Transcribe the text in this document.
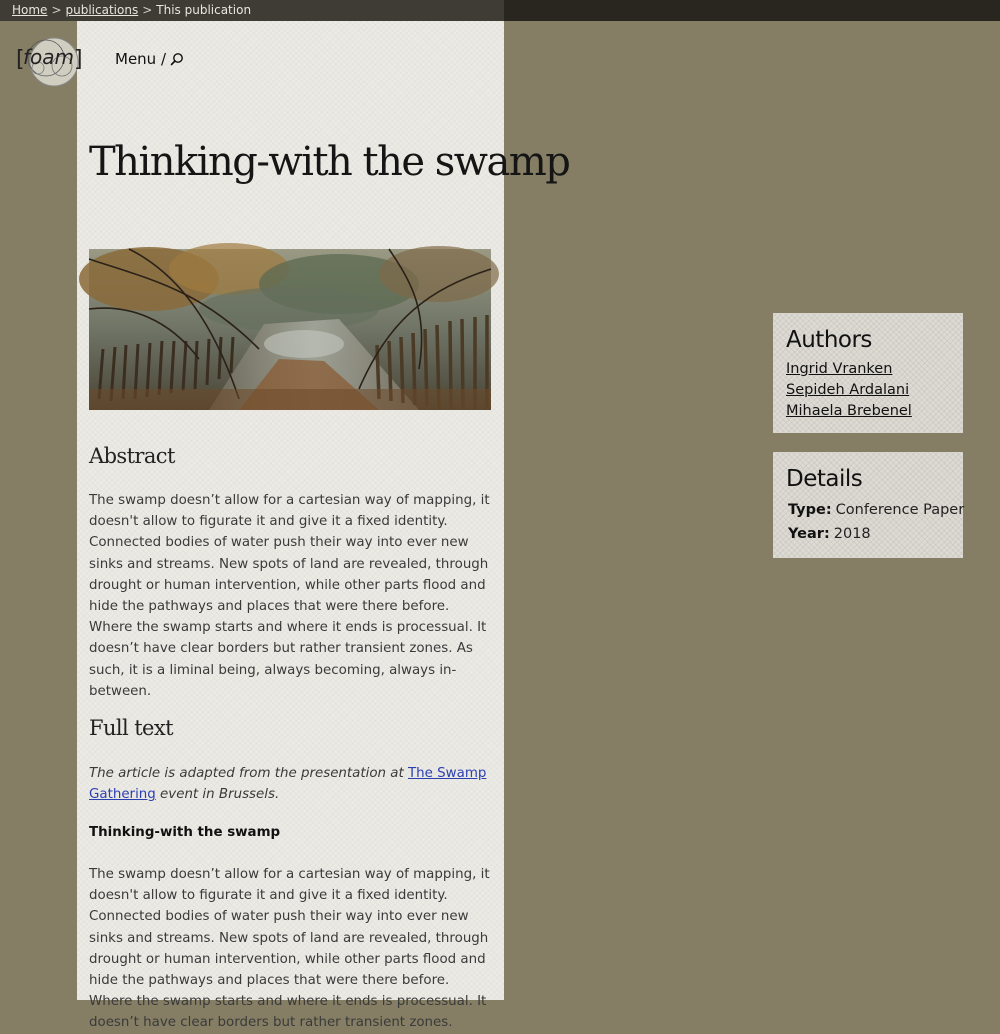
Home > publications > This publication
[
foam ] Menu /
Thinking-with the swamp
Abstract

The swamp doesn’t allow for a cartesian way of mapping, it doesn't allow to figurate it and give it a fixed identity. Connected bodies of water push their way into ever new sinks and streams. New spots of land are revealed, through drought or human intervention, while other parts flood and hide the pathways and places that were there before. Where the swamp starts and where it ends is processual. It doesn’t have clear borders but rather transient zones. As such, it is a liminal being, always becoming, always in-between.

Full text

The article is adapted from the presentation at The Swamp Gathering event in Brussels.

Thinking-with the swamp

The swamp doesn’t allow for a cartesian way of mapping, it doesn't allow to figurate it and give it a fixed identity. Connected bodies of water push their way into ever new sinks and streams. New spots of land are revealed, through drought or human intervention, while other parts flood and hide the pathways and places that were there before. Where the swamp starts and where it ends is processual. It doesn’t have clear borders but rather transient zones.

Authors
Ingrid Vranken
Sepideh Ardalani
Mihaela Brebenel
Details
Type: Conference Paper
Year: 2018
